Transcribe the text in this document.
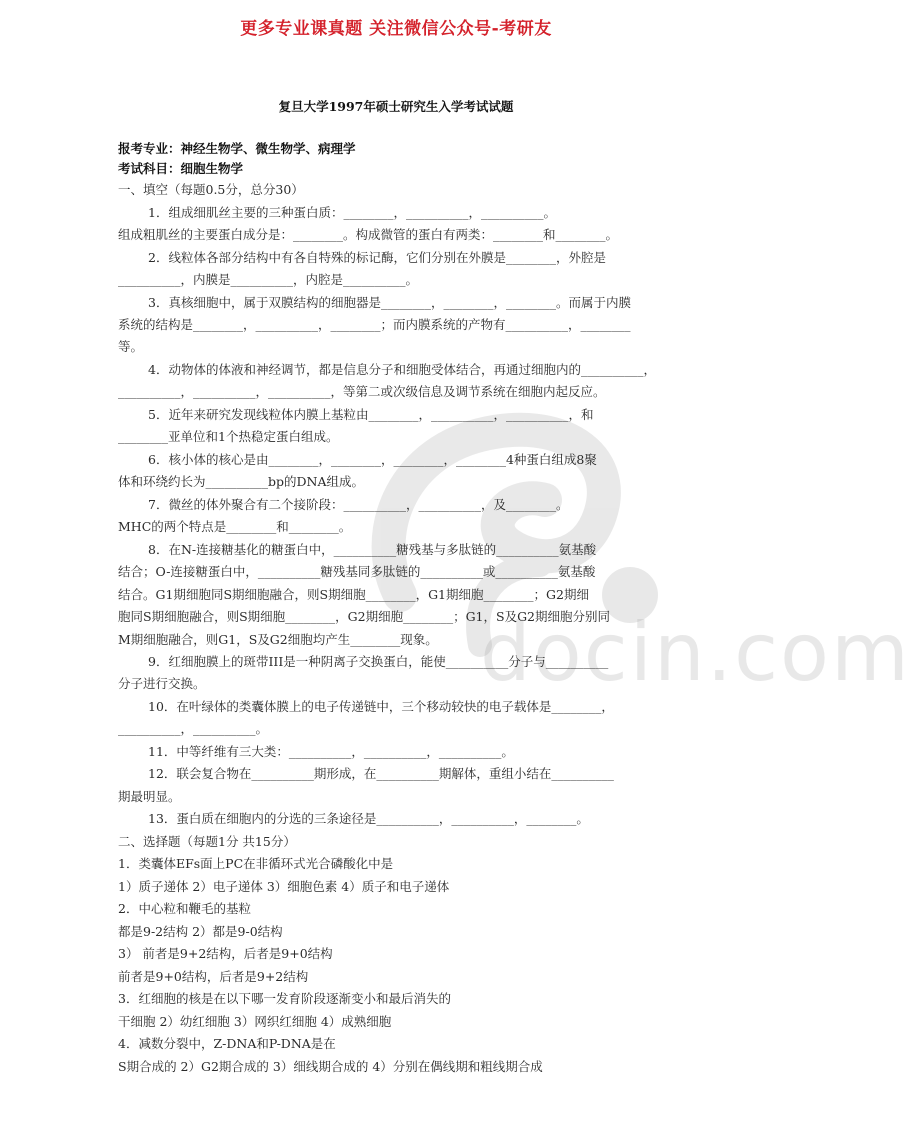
docin.com
更多专业课真题 关注微信公众号-考研友
复旦大学1997年硕士研究生入学考试试题
报考专业：神经生物学、微生物学、病理学
考试科目：细胞生物学
一、填空（每题0.5分，总分30）
1．组成细肌丝主要的三种蛋白质：________，__________，__________。
组成粗肌丝的主要蛋白成分是：________。构成微管的蛋白有两类：________和________。
2．线粒体各部分结构中有各自特殊的标记酶，它们分别在外膜是________，外腔是
__________，内膜是__________，内腔是__________。
3．真核细胞中，属于双膜结构的细胞器是________，________，________。而属于内膜
系统的结构是________，__________，________；而内膜系统的产物有__________，________
等。
4．动物体的体液和神经调节，都是信息分子和细胞受体结合，再通过细胞内的__________，
__________，__________，__________，等第二或次级信息及调节系统在细胞内起反应。
5．近年来研究发现线粒体内膜上基粒由________，__________，__________，和
________亚单位和1个热稳定蛋白组成。
6．核小体的核心是由________，________，________，________4种蛋白组成8聚
体和环绕约长为__________bp的DNA组成。
7．微丝的体外聚合有二个接阶段：__________，__________，及________。
MHC的两个特点是________和________。
8．在N-连接糖基化的糖蛋白中，__________糖残基与多肽链的__________氨基酸
结合；O-连接糖蛋白中，__________糖残基同多肽链的__________或__________氨基酸
结合。G1期细胞同S期细胞融合，则S期细胞________，G1期细胞________；G2期细
胞同S期细胞融合，则S期细胞________，G2期细胞________；G1，S及G2期细胞分别同
M期细胞融合，则G1，S及G2细胞均产生________现象。
9．红细胞膜上的斑带III是一种阴离子交换蛋白，能使__________分子与__________
分子进行交换。
10．在叶绿体的类囊体膜上的电子传递链中，三个移动较快的电子载体是________，
__________，__________。
11．中等纤维有三大类：__________，__________，__________。
12．联会复合物在__________期形成，在__________期解体，重组小结在__________
期最明显。
13．蛋白质在细胞内的分选的三条途径是__________，__________，________。
二、选择题（每题1分 共15分）
1．类囊体EFs面上PC在非循环式光合磷酸化中是
1）质子递体 2）电子递体 3）细胞色素 4）质子和电子递体
2．中心粒和鞭毛的基粒
都是9-2结构 2）都是9-0结构
3） 前者是9+2结构，后者是9+0结构
前者是9+0结构，后者是9+2结构
3．红细胞的核是在以下哪一发育阶段逐渐变小和最后消失的
干细胞 2）幼红细胞 3）网织红细胞 4）成熟细胞
4．减数分裂中，Z-DNA和P-DNA是在
S期合成的 2）G2期合成的 3）细线期合成的 4）分别在偶线期和粗线期合成
